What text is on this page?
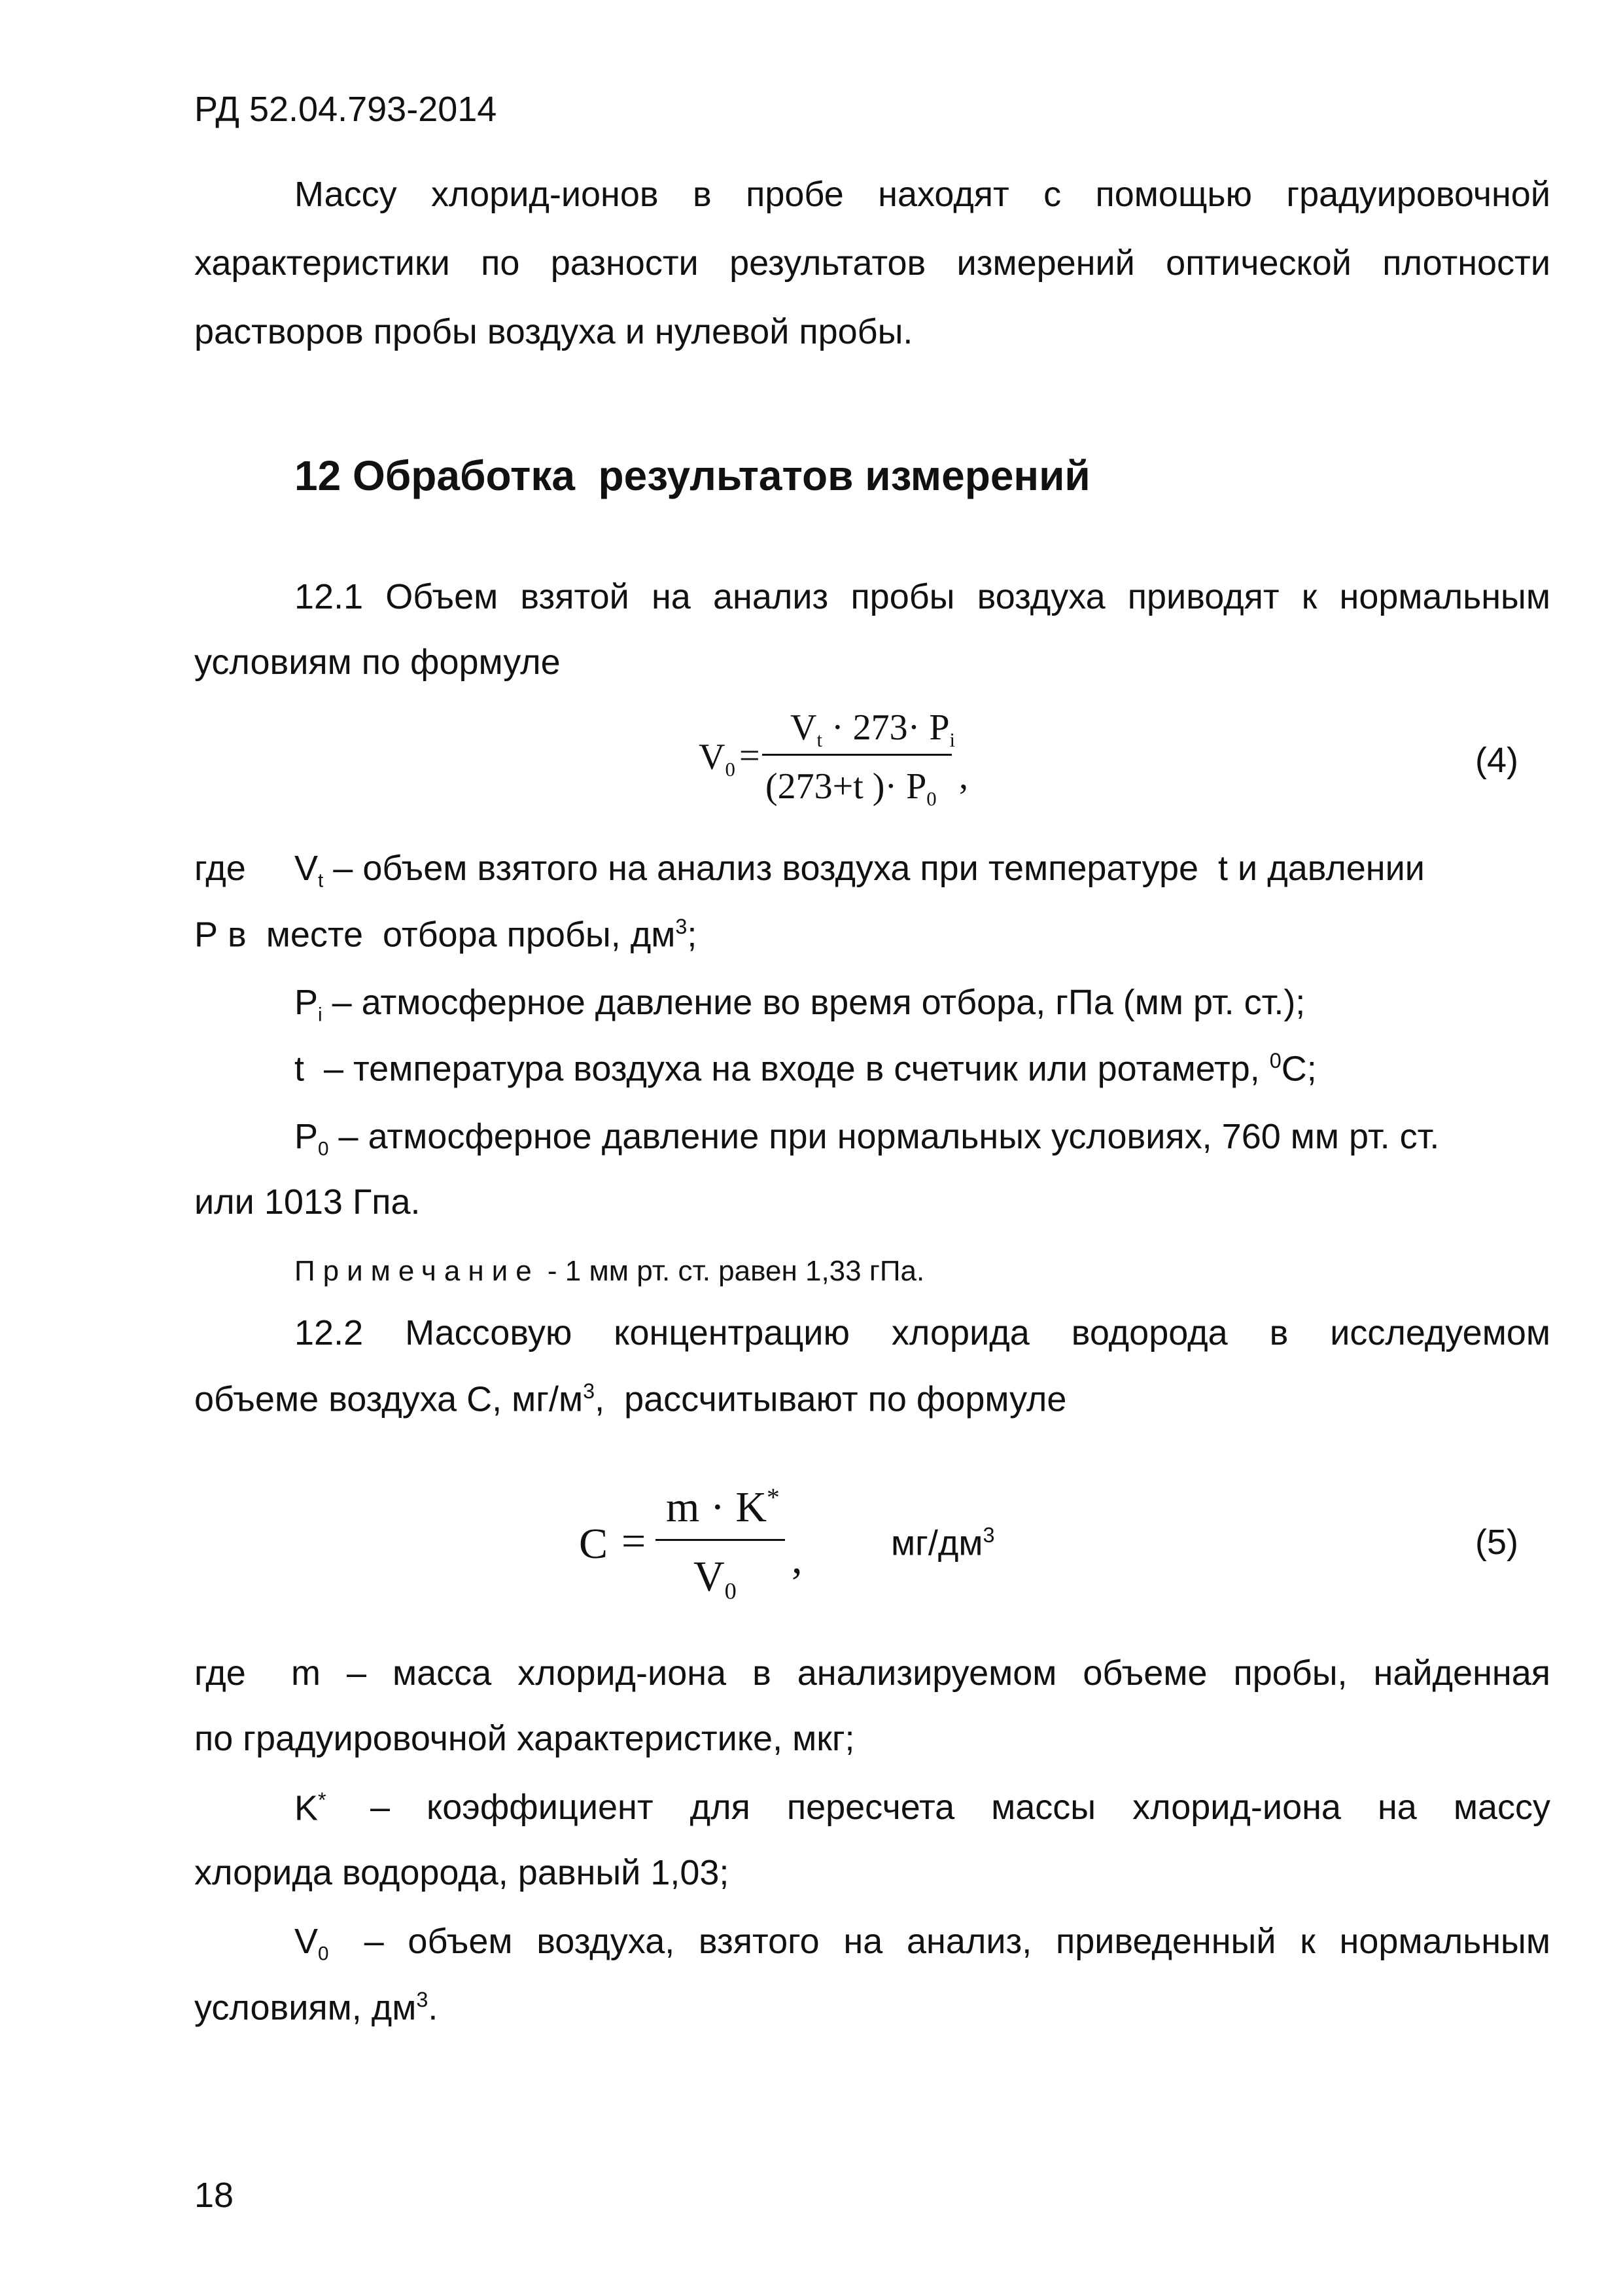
РД 52.04.793-2014
Массу хлорид-ионов в пробе находят с помощью градуировочной
характеристики по разности результатов измерений оптической плотности
растворов пробы воздуха и нулевой пробы.
12 Обработка  результатов измерений
12.1 Объем взятой на анализ пробы воздуха приводят к нормальным
условиям по формуле
$V_0$ =
$V_t \cdot 273\cdot P_i$
(273+t )· $P_0$
,	(4)
где $V_t$ – объем взятого на анализ воздуха при температуре  t и давлении
Р в  месте  отбора пробы, $дм^3$;
$P_i$ – атмосферное давление во время отбора, гПа (мм рт. ст.);
t  – температура воздуха на входе в счетчик или ротаметр, $^0$С;
$P_0$ – атмосферное давление при нормальных условиях, 760 мм рт. ст.
или 1013 Гпа.
Примечание - 1 мм рт. ст. равен 1,33 гПа.
12.2 Массовую концентрацию хлорида водорода в исследуемом
объеме воздуха С, $мг/м^3$,  рассчитывают по формуле
C =
m · K*
$V_0$
,	$мг/дм^3$	(5)
где m – масса хлорид-иона в анализируемом объеме пробы, найденная
по градуировочной характеристике, мкг;
K* – коэффициент для пересчета массы хлорид-иона на массу
хлорида водорода, равный 1,03;
$V_0$ – объем воздуха, взятого на анализ, приведенный к нормальным
условиям, $дм^3$.
18
